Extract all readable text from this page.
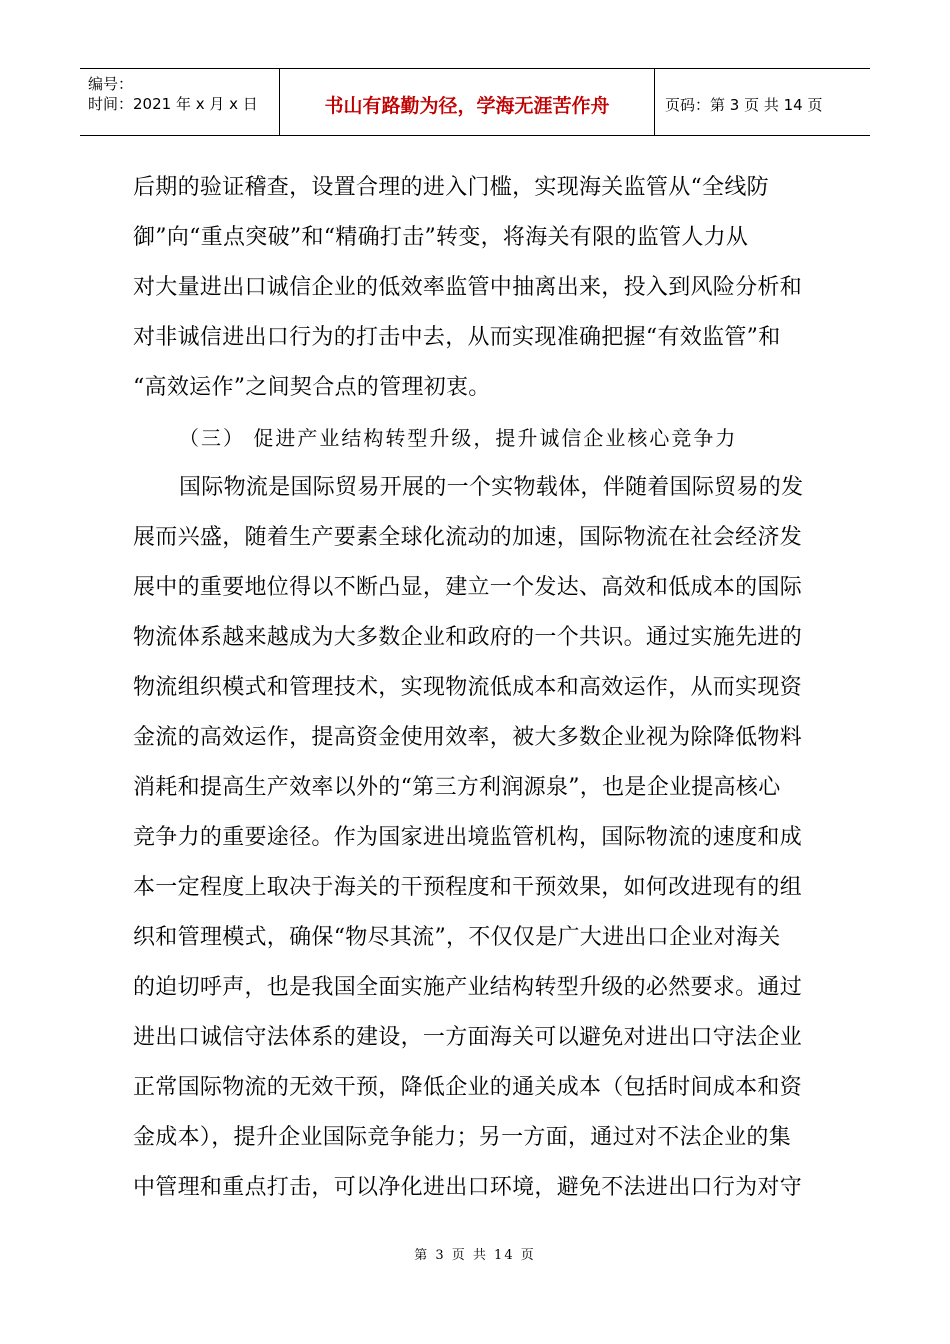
编号：
时间：2021 年 x 月 x 日	书山有路勤为径，学海无涯苦作舟	页码：第 3 页 共 14 页
后期的验证稽查，设置合理的进入门槛，实现海关监管从“全线防
御”向“重点突破”和“精确打击”转变，将海关有限的监管人力从
对大量进出口诚信企业的低效率监管中抽离出来，投入到风险分析和
对非诚信进出口行为的打击中去，从而实现准确把握“有效监管”和
“高效运作”之间契合点的管理初衷。
（三） 促进产业结构转型升级，提升诚信企业核心竞争力
国际物流是国际贸易开展的一个实物载体，伴随着国际贸易的发
展而兴盛，随着生产要素全球化流动的加速，国际物流在社会经济发
展中的重要地位得以不断凸显，建立一个发达、高效和低成本的国际
物流体系越来越成为大多数企业和政府的一个共识。通过实施先进的
物流组织模式和管理技术，实现物流低成本和高效运作，从而实现资
金流的高效运作，提高资金使用效率，被大多数企业视为除降低物料
消耗和提高生产效率以外的“第三方利润源泉”，也是企业提高核心
竞争力的重要途径。作为国家进出境监管机构，国际物流的速度和成
本一定程度上取决于海关的干预程度和干预效果，如何改进现有的组
织和管理模式，确保“物尽其流”，不仅仅是广大进出口企业对海关
的迫切呼声，也是我国全面实施产业结构转型升级的必然要求。通过
进出口诚信守法体系的建设，一方面海关可以避免对进出口守法企业
正常国际物流的无效干预，降低企业的通关成本（包括时间成本和资
金成本），提升企业国际竞争能力；另一方面，通过对不法企业的集
中管理和重点打击，可以净化进出口环境，避免不法进出口行为对守
第 3 页 共 14 页
